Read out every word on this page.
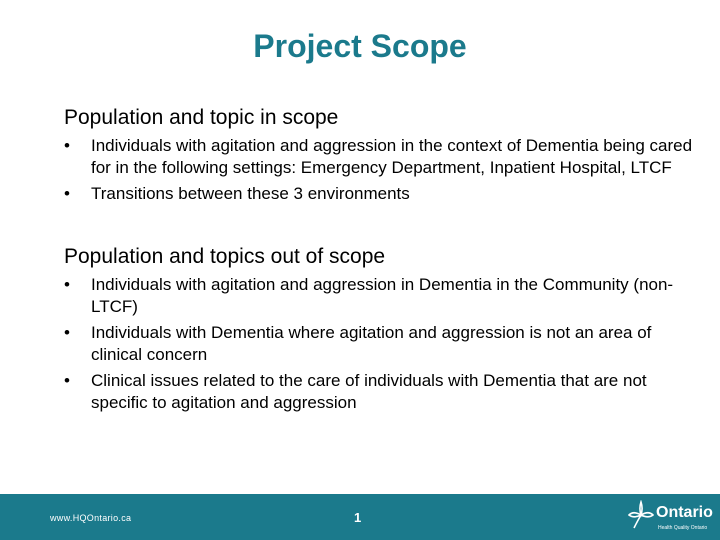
Project Scope
Population and topic in scope
• Individuals with agitation and aggression in the context of Dementia being cared for in the following settings: Emergency Department, Inpatient Hospital, LTCF
• Transitions between these 3 environments
Population and topics out of scope
• Individuals with agitation and aggression in Dementia in the Community (non-LTCF)
• Individuals with Dementia where agitation and aggression is not an area of clinical concern
• Clinical issues related to the care of individuals with Dementia that are not specific to agitation and aggression
www.HQOntario.ca	1	Ontario
Health Quality Ontario
